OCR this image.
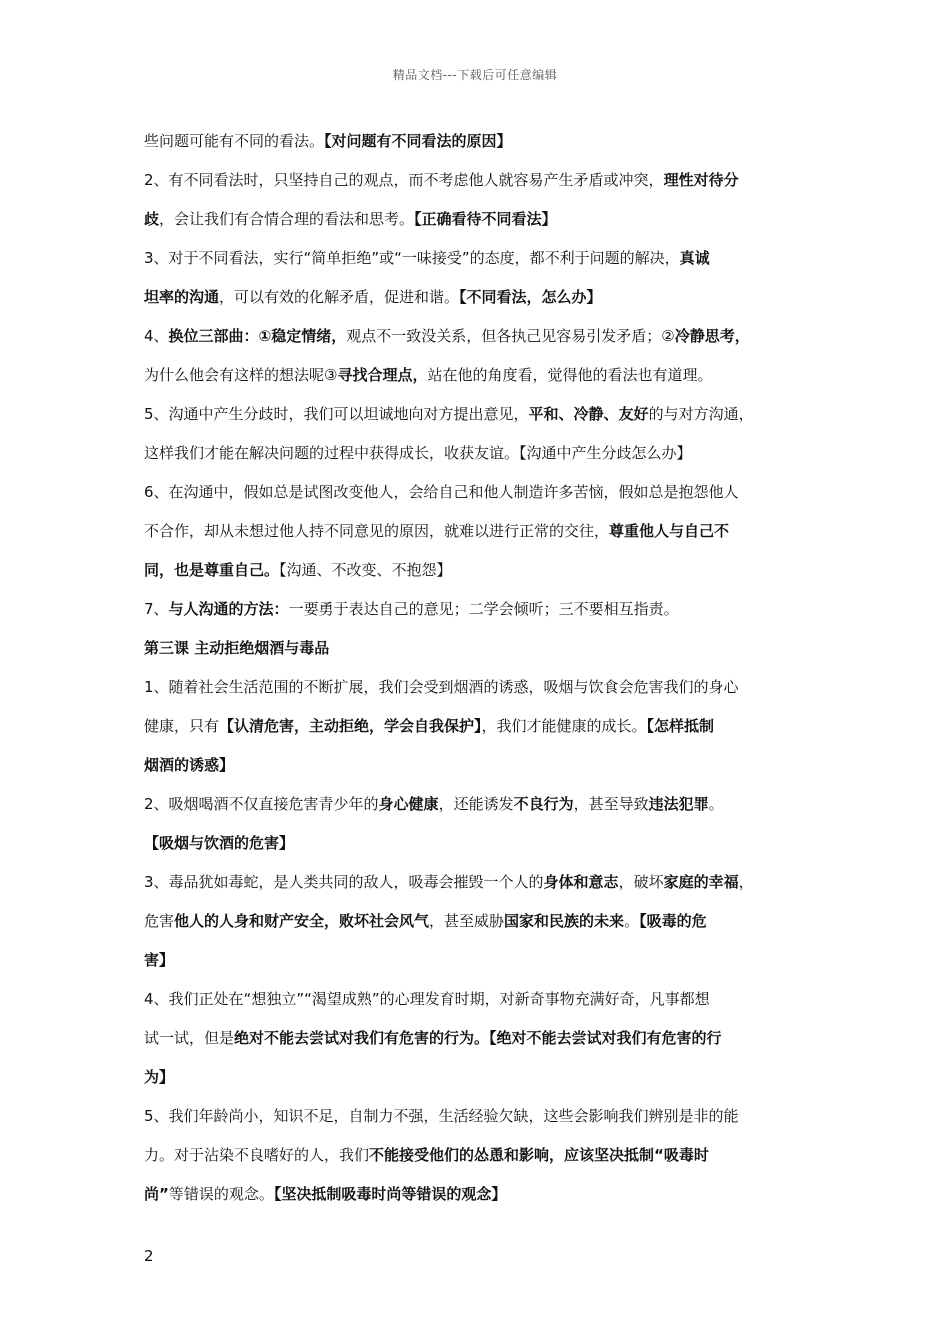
精品文档---下载后可任意编辑
些问题可能有不同的看法。【对问题有不同看法的原因】
2、有不同看法时，只坚持自己的观点，而不考虑他人就容易产生矛盾或冲突，理性对待分
歧，会让我们有合情合理的看法和思考。【正确看待不同看法】
3、对于不同看法，实行“简单拒绝”或“一味接受”的态度，都不利于问题的解决，真诚
坦率的沟通，可以有效的化解矛盾，促进和谐。【不同看法，怎么办】
4、换位三部曲：①稳定情绪，观点不一致没关系，但各执己见容易引发矛盾；②冷静思考，
为什么他会有这样的想法呢③寻找合理点，站在他的角度看，觉得他的看法也有道理。
5、沟通中产生分歧时，我们可以坦诚地向对方提出意见，平和、冷静、友好的与对方沟通，
这样我们才能在解决问题的过程中获得成长，收获友谊。【沟通中产生分歧怎么办】
6、在沟通中，假如总是试图改变他人，会给自己和他人制造许多苦恼，假如总是抱怨他人
不合作，却从未想过他人持不同意见的原因，就难以进行正常的交往，尊重他人与自己不
同，也是尊重自己。【沟通、不改变、不抱怨】
7、与人沟通的方法：一要勇于表达自己的意见；二学会倾听；三不要相互指责。
第三课 主动拒绝烟酒与毒品
1、随着社会生活范围的不断扩展，我们会受到烟酒的诱惑，吸烟与饮食会危害我们的身心
健康，只有【认清危害，主动拒绝，学会自我保护】，我们才能健康的成长。【怎样抵制
烟酒的诱惑】
2、吸烟喝酒不仅直接危害青少年的身心健康，还能诱发不良行为，甚至导致违法犯罪。
【吸烟与饮酒的危害】
3、毒品犹如毒蛇，是人类共同的敌人，吸毒会摧毁一个人的身体和意志，破坏家庭的幸福，
危害他人的人身和财产安全，败坏社会风气，甚至威胁国家和民族的未来。【吸毒的危
害】
4、我们正处在“想独立”“渴望成熟”的心理发育时期，对新奇事物充满好奇，凡事都想
试一试，但是绝对不能去尝试对我们有危害的行为。【绝对不能去尝试对我们有危害的行
为】
5、我们年龄尚小，知识不足，自制力不强，生活经验欠缺，这些会影响我们辨别是非的能
力。对于沾染不良嗜好的人，我们不能接受他们的怂恿和影响，应该坚决抵制“吸毒时
尚”等错误的观念。【坚决抵制吸毒时尚等错误的观念】
2
